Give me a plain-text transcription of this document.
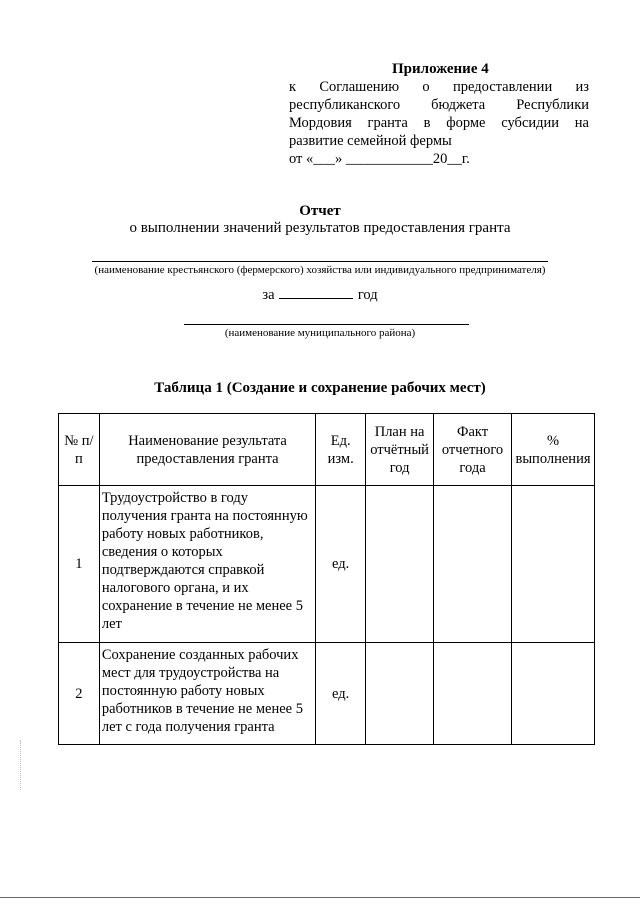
Приложение 4
к Соглашению о предоставлении из
республиканского бюджета Республики
Мордовия гранта в форме субсидии на
развитие семейной фермы
от «___» ____________20__г.
Отчет
о выполнении значений результатов предоставления гранта
(наименование крестьянского (фермерского) хозяйства или индивидуального предпринимателя)
за	год
(наименование муниципального района)
Таблица 1 (Создание и сохранение рабочих мест)
№ п/п	Наименование результата предоставления гранта	Ед. изм.	План на отчётный год	Факт отчетного года	% выполнения
1	Трудоустройство в году получения гранта на постоянную работу новых работников, сведения о которых подтверждаются справкой налогового органа, и их сохранение в течение не менее 5 лет	ед.			
2	Сохранение созданных рабочих мест для трудоустройства на постоянную работу новых работников в течение не менее 5 лет с года получения гранта	ед.			
